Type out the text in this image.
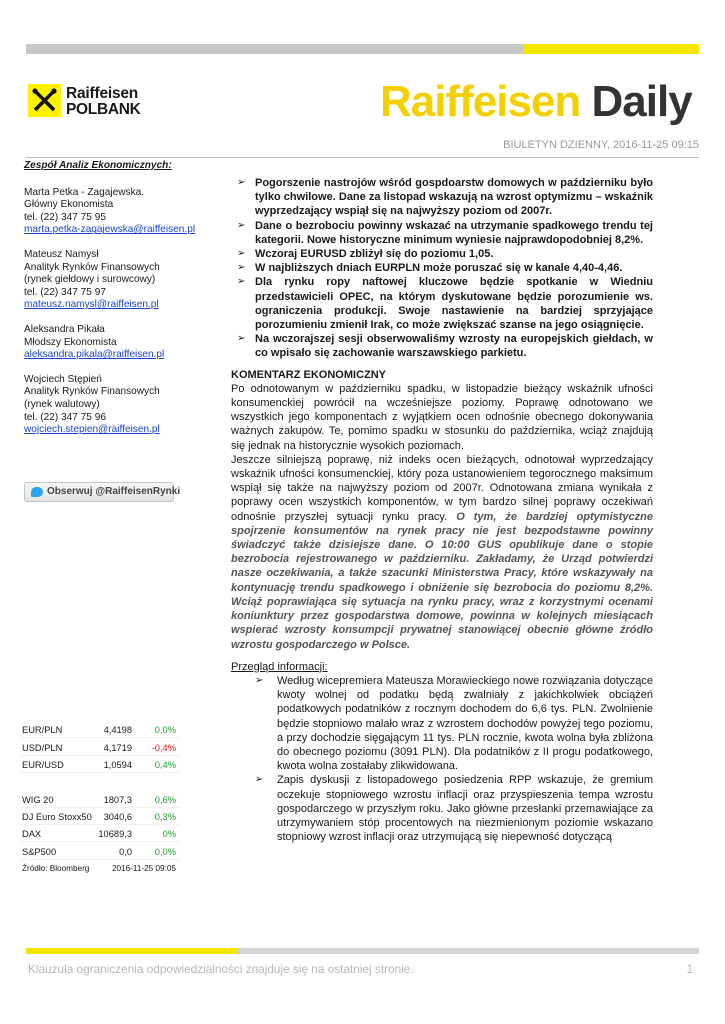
Raiffeisen
POLBANK	Raiffeisen Daily
BIULETYN DZIENNY, 2016-11-25 09:15
Zespół Analiz Ekonomicznych:
Marta Petka - Zagajewska.
Główny Ekonomista
tel. (22) 347 75 95
marta.petka-zagajewska@raiffeisen.pl
Mateusz Namysł
Analityk Rynków Finansowych
(rynek giełdowy i surowcowy)
tel. (22) 347 75 97
mateusz.namysl@raiffeisen.pl
Aleksandra Pikała
Młodszy Ekonomista
aleksandra.pikala@raiffeisen.pl
Wojciech Stępień
Analityk Rynków Finansowych
(rynek walutowy)
tel. (22) 347 75 96
wojciech.stepien@raiffeisen.pl
Obserwuj @RaiffeisenRynki
EUR/PLN	4,4198 0,0%
USD/PLN	4,1719 -0,4%
EUR/USD	1,0594 0,4%
WIG 20	1807,3 0,6%
DJ Euro Stoxx50 3040,6 0,3%
DAX	10689,3	0%
S&P500	0,0 0,0%
Źródło: Bloomberg	2016-11-25 09:05
➢ Pogorszenie nastrojów wśród gospdoarstw domowych w październiku było tylko chwilowe. Dane za listopad wskazują na wzrost optymizmu – wskaźnik wyprzedzający wspiął się na najwyższy poziom od 2007r.
➢ Dane o bezrobociu powinny wskazać na utrzymanie spadkowego trendu tej kategorii. Nowe historyczne minimum wyniesie najprawdopodobniej 8,2%.
➢ Wczoraj EURUSD zbliżył się do poziomu 1,05.
➢ W najbliższych dniach EURPLN może poruszać się w kanale 4,40-4,46.
➢ Dla rynku ropy naftowej kluczowe będzie spotkanie w Wiedniu przedstawicieli OPEC, na którym dyskutowane będzie porozumienie ws. ograniczenia produkcji. Swoje nastawienie na bardziej sprzyjające porozumieniu zmienił Irak, co może zwiększać szanse na jego osiągnięcie.
➢ Na wczorajszej sesji obserwowaliśmy wzrosty na europejskich giełdach, w co wpisało się zachowanie warszawskiego parkietu.
KOMENTARZ EKONOMICZNY
Po odnotowanym w październiku spadku, w listopadzie bieżący wskaźnik ufności konsumenckiej powrócił na wcześniejsze poziomy. Poprawę odnotowano we wszystkich jego komponentach z wyjątkiem ocen odnośnie obecnego dokonywania ważnych zakupów. Te, pomimo spadku w stosunku do października, wciąż znajdują się jednak na historycznie wysokich poziomach.
Jeszcze silniejszą poprawę, niż indeks ocen bieżących, odnotował wyprzedzający wskaźnik ufności konsumenckiej, który poza ustanowieniem tegorocznego maksimum wspiął się także na najwyższy poziom od 2007r. Odnotowana zmiana wynikała z poprawy ocen wszystkich komponentów, w tym bardzo silnej poprawy oczekiwań odnośnie przyszłej sytuacji rynku pracy. O tym, że bardziej optymistyczne spojrzenie konsumentów na rynek pracy nie jest bezpodstawne powinny świadczyć także dzisiejsze dane. O 10:00 GUS opublikuje dane o stopie bezrobocia rejestrowanego w październiku. Zakładamy, że Urząd potwierdzi nasze oczekiwania, a także szacunki Ministerstwa Pracy, które wskazywały na kontynuację trendu spadkowego i obniżenie się bezrobocia do poziomu 8,2%. Wciąż poprawiająca się sytuacja na rynku pracy, wraz z korzystnymi ocenami koniunktury przez gospodarstwa domowe, powinna w kolejnych miesiącach wspierać wzrosty konsumpcji prywatnej stanowiącej obecnie główne źródło wzrostu gospodarczego w Polsce.
Przegląd informacji:
➢ Według wicepremiera Mateusza Morawieckiego nowe rozwiązania dotyczące kwoty wolnej od podatku będą zwalniały z jakichkolwiek obciążeń podatkowych podatników z rocznym dochodem do 6,6 tys. PLN. Zwolnienie będzie stopniowo malało wraz z wzrostem dochodów powyżej tego poziomu, a przy dochodzie sięgającym 11 tys. PLN rocznie, kwota wolna była zbliżona do obecnego poziomu (3091 PLN). Dla podatników z II progu podatkowego, kwota wolna zostałaby zlikwidowana.
➢ Zapis dyskusji z listopadowego posiedzenia RPP wskazuje, że gremium oczekuje stopniowego wzrostu inflacji oraz przyspieszenia tempa wzrostu gospodarczego w przyszłym roku. Jako główne przesłanki przemawiające za utrzymywaniem stóp procentowych na niezmienionym poziomie wskazano stopniowy wzrost inflacji oraz utrzymującą się niepewność dotyczącą
Klauzula ograniczenia odpowiedzialności znajduje się na ostatniej stronie.	1
